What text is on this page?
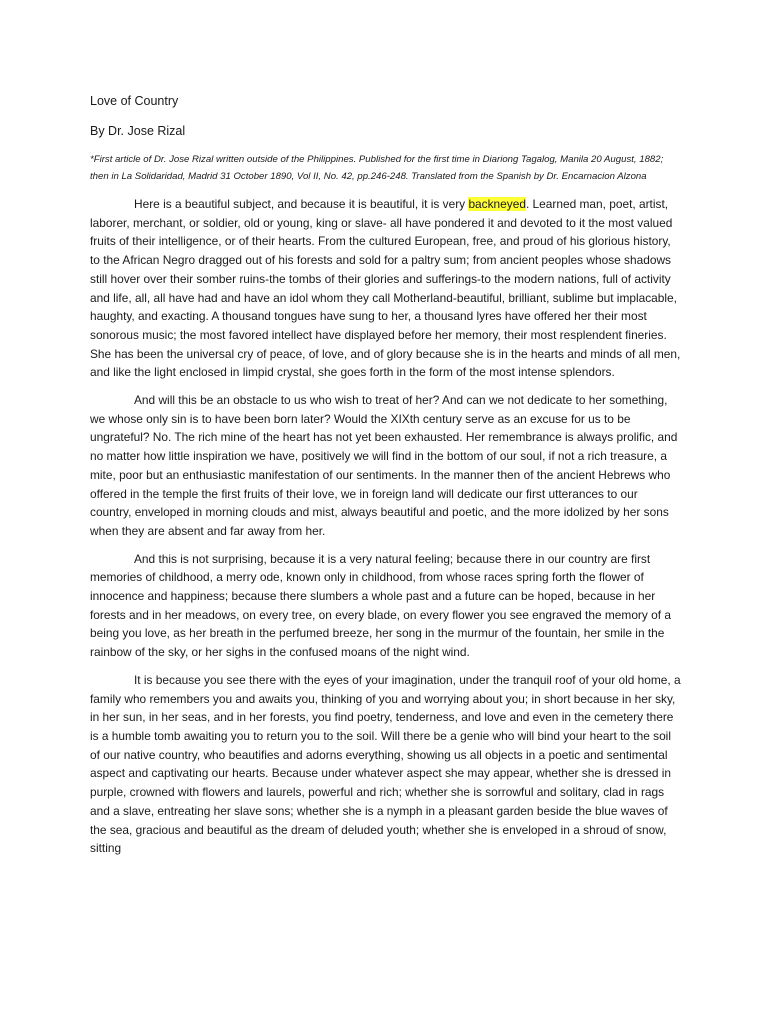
Love of Country

By Dr. Jose Rizal

*First article of Dr. Jose Rizal written outside of the Philippines. Published for the first time in Diariong Tagalog, Manila 20 August, 1882; then in La Solidaridad, Madrid 31 October 1890, Vol II, No. 42, pp.246-248. Translated from the Spanish by Dr. Encarnacion Alzona

Here is a beautiful subject, and because it is beautiful, it is very backneyed. Learned man, poet, artist, laborer, merchant, or soldier, old or young, king or slave- all have pondered it and devoted to it the most valued fruits of their intelligence, or of their hearts. From the cultured European, free, and proud of his glorious history, to the African Negro dragged out of his forests and sold for a paltry sum; from ancient peoples whose shadows still hover over their somber ruins-the tombs of their glories and sufferings-to the modern nations, full of activity and life, all, all have had and have an idol whom they call Motherland-beautiful, brilliant, sublime but implacable, haughty, and exacting. A thousand tongues have sung to her, a thousand lyres have offered her their most sonorous music; the most favored intellect have displayed before her memory, their most resplendent fineries. She has been the universal cry of peace, of love, and of glory because she is in the hearts and minds of all men, and like the light enclosed in limpid crystal, she goes forth in the form of the most intense splendors.

And will this be an obstacle to us who wish to treat of her? And can we not dedicate to her something, we whose only sin is to have been born later? Would the XIXth century serve as an excuse for us to be ungrateful? No. The rich mine of the heart has not yet been exhausted. Her remembrance is always prolific, and no matter how little inspiration we have, positively we will find in the bottom of our soul, if not a rich treasure, a mite, poor but an enthusiastic manifestation of our sentiments. In the manner then of the ancient Hebrews who offered in the temple the first fruits of their love, we in foreign land will dedicate our first utterances to our country, enveloped in morning clouds and mist, always beautiful and poetic, and the more idolized by her sons when they are absent and far away from her.

And this is not surprising, because it is a very natural feeling; because there in our country are first memories of childhood, a merry ode, known only in childhood, from whose races spring forth the flower of innocence and happiness; because there slumbers a whole past and a future can be hoped, because in her forests and in her meadows, on every tree, on every blade, on every flower you see engraved the memory of a being you love, as her breath in the perfumed breeze, her song in the murmur of the fountain, her smile in the rainbow of the sky, or her sighs in the confused moans of the night wind.

It is because you see there with the eyes of your imagination, under the tranquil roof of your old home, a family who remembers you and awaits you, thinking of you and worrying about you; in short because in her sky, in her sun, in her seas, and in her forests, you find poetry, tenderness, and love and even in the cemetery there is a humble tomb awaiting you to return you to the soil. Will there be a genie who will bind your heart to the soil of our native country, who beautifies and adorns everything, showing us all objects in a poetic and sentimental aspect and captivating our hearts. Because under whatever aspect she may appear, whether she is dressed in purple, crowned with flowers and laurels, powerful and rich; whether she is sorrowful and solitary, clad in rags and a slave, entreating her slave sons; whether she is a nymph in a pleasant garden beside the blue waves of the sea, gracious and beautiful as the dream of deluded youth; whether she is enveloped in a shroud of snow, sitting
